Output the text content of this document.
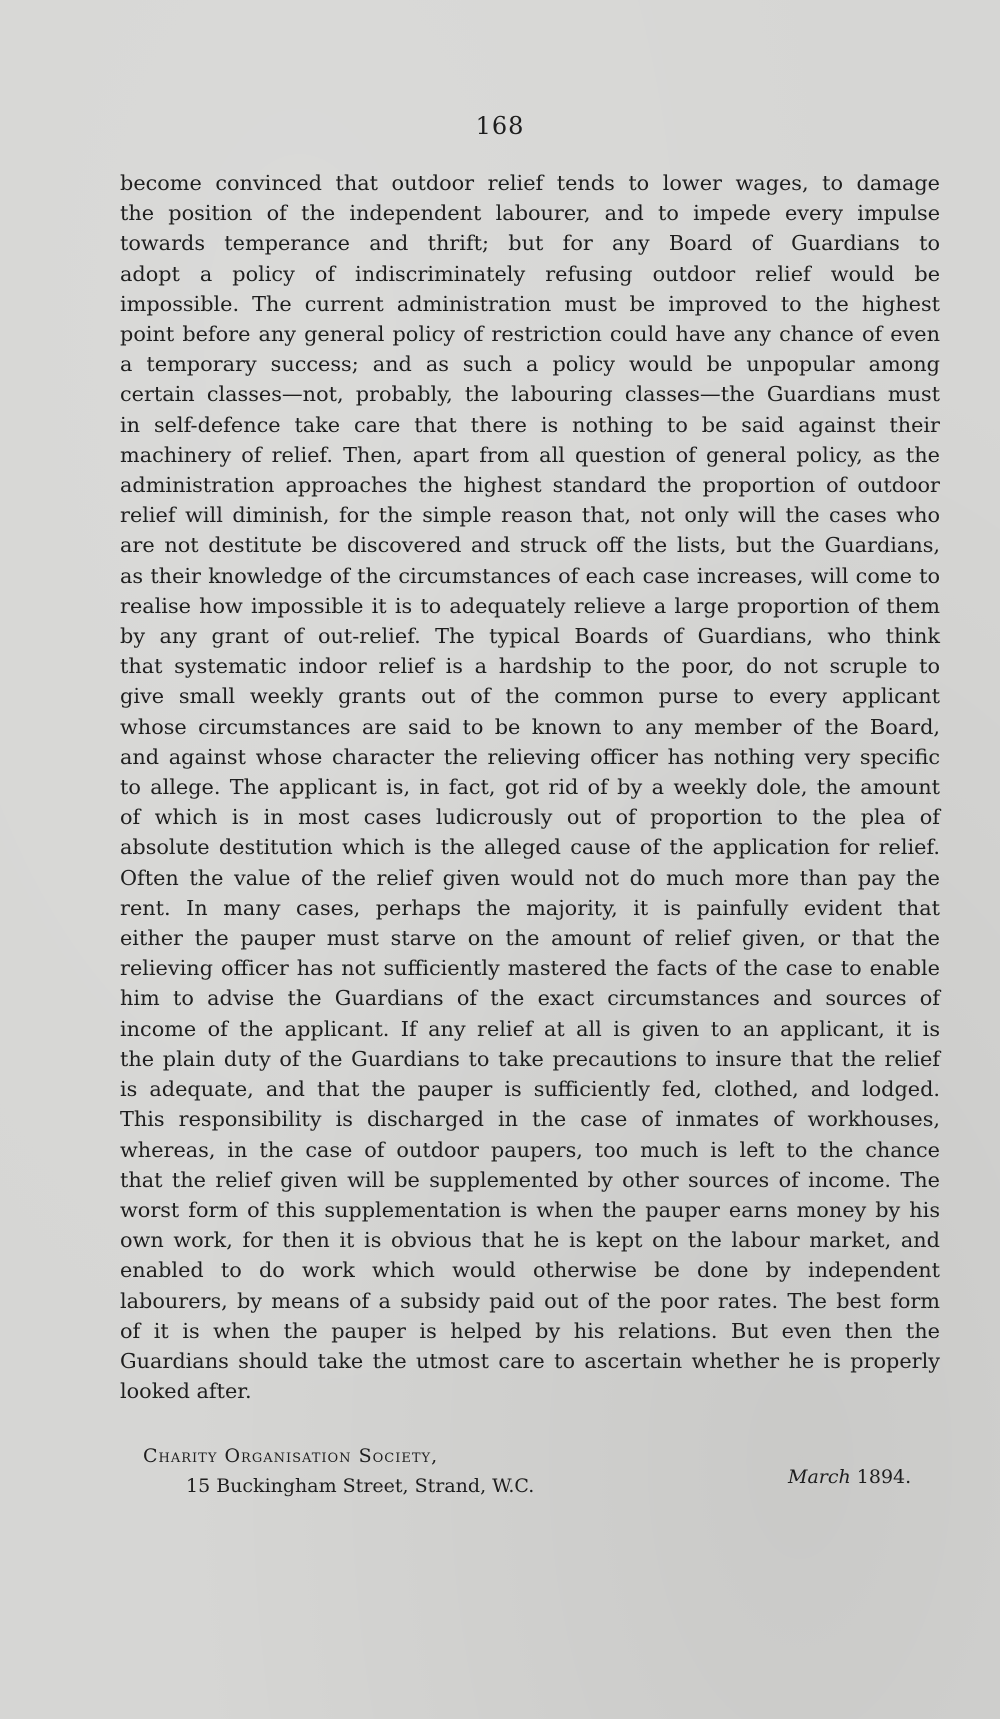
168
become convinced that outdoor relief tends to lower wages, to damage
the position of the independent labourer, and to impede every impulse
towards temperance and thrift; but for any Board of Guardians to
adopt a policy of indiscriminately refusing outdoor relief would be
impossible. The current administration must be improved to the highest
point before any general policy of restriction could have any chance of even
a temporary success; and as such a policy would be unpopular among
certain classes—not, probably, the labouring classes—the Guardians must
in self-defence take care that there is nothing to be said against their
machinery of relief. Then, apart from all question of general policy, as the
administration approaches the highest standard the proportion of outdoor
relief will diminish, for the simple reason that, not only will the cases who
are not destitute be discovered and struck off the lists, but the Guardians,
as their knowledge of the circumstances of each case increases, will come to
realise how impossible it is to adequately relieve a large proportion of them
by any grant of out-relief. The typical Boards of Guardians, who think
that systematic indoor relief is a hardship to the poor, do not scruple to
give small weekly grants out of the common purse to every applicant
whose circumstances are said to be known to any member of the Board,
and against whose character the relieving officer has nothing very specific
to allege. The applicant is, in fact, got rid of by a weekly dole, the amount
of which is in most cases ludicrously out of proportion to the plea of
absolute destitution which is the alleged cause of the application for relief.
Often the value of the relief given would not do much more than pay the
rent. In many cases, perhaps the majority, it is painfully evident that
either the pauper must starve on the amount of relief given, or that the
relieving officer has not sufficiently mastered the facts of the case to enable
him to advise the Guardians of the exact circumstances and sources of
income of the applicant. If any relief at all is given to an applicant, it is
the plain duty of the Guardians to take precautions to insure that the relief
is adequate, and that the pauper is sufficiently fed, clothed, and lodged.
This responsibility is discharged in the case of inmates of workhouses,
whereas, in the case of outdoor paupers, too much is left to the chance
that the relief given will be supplemented by other sources of income. The
worst form of this supplementation is when the pauper earns money by his
own work, for then it is obvious that he is kept on the labour market, and
enabled to do work which would otherwise be done by independent
labourers, by means of a subsidy paid out of the poor rates. The best form
of it is when the pauper is helped by his relations. But even then the
Guardians should take the utmost care to ascertain whether he is properly
looked after.
Charity Organisation Society,
15 Buckingham Street, Strand, W.C.	March 1894.
